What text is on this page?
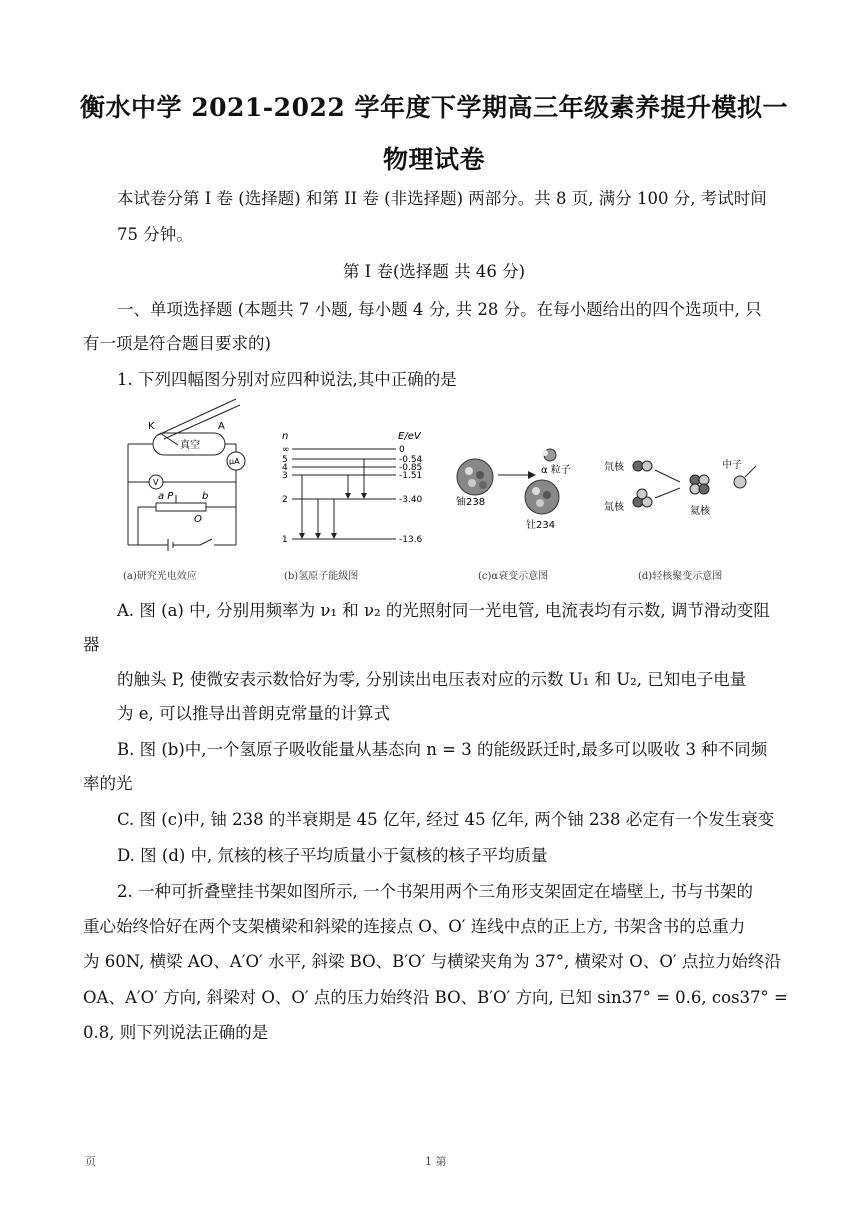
衡水中学 2021-2022 学年度下学期高三年级素养提升模拟一
物理试卷
本试卷分第 I 卷 (选择题) 和第 II 卷 (非选择题) 两部分。共 8 页, 满分 100 分, 考试时间
75 分钟。
第 I 卷(选择题 共 46 分)
一、单项选择题 (本题共 7 小题, 每小题 4 分, 共 28 分。在每小题给出的四个选项中, 只
有一项是符合题目要求的)
1. 下列四幅图分别对应四种说法,其中正确的是
K	A
真空
μA
V
a P	b
O
(a)研究光电效应
n	E/eV
∞	0
5	-0.54
4	-0.85
3	-1.51
2	-3.40
1	-13.6
(b)氢原子能级图
铀238
α 粒子
钍234
(c)α衰变示意图
氘核
氚核
中子
氦核
(d)轻核聚变示意图
A. 图 (a) 中, 分别用频率为 ν₁ 和 ν₂ 的光照射同一光电管, 电流表均有示数, 调节滑动变阻
器
的触头 P, 使微安表示数恰好为零, 分别读出电压表对应的示数 U₁ 和 U₂, 已知电子电量
为 e, 可以推导出普朗克常量的计算式
B. 图 (b)中,一个氢原子吸收能量从基态向 n = 3 的能级跃迁时,最多可以吸收 3 种不同频
率的光
C. 图 (c)中, 铀 238 的半衰期是 45 亿年, 经过 45 亿年, 两个铀 238 必定有一个发生衰变
D. 图 (d) 中, 氘核的核子平均质量小于氦核的核子平均质量
2. 一种可折叠壁挂书架如图所示, 一个书架用两个三角形支架固定在墙壁上, 书与书架的
重心始终恰好在两个支架横梁和斜梁的连接点 O、O′ 连线中点的正上方, 书架含书的总重力
为 60N, 横梁 AO、A′O′ 水平, 斜梁 BO、B′O′ 与横梁夹角为 37°, 横梁对 O、O′ 点拉力始终沿
OA、A′O′ 方向, 斜梁对 O、O′ 点的压力始终沿 BO、B′O′ 方向, 已知 sin37° = 0.6, cos37° =
0.8, 则下列说法正确的是
页	1 第
